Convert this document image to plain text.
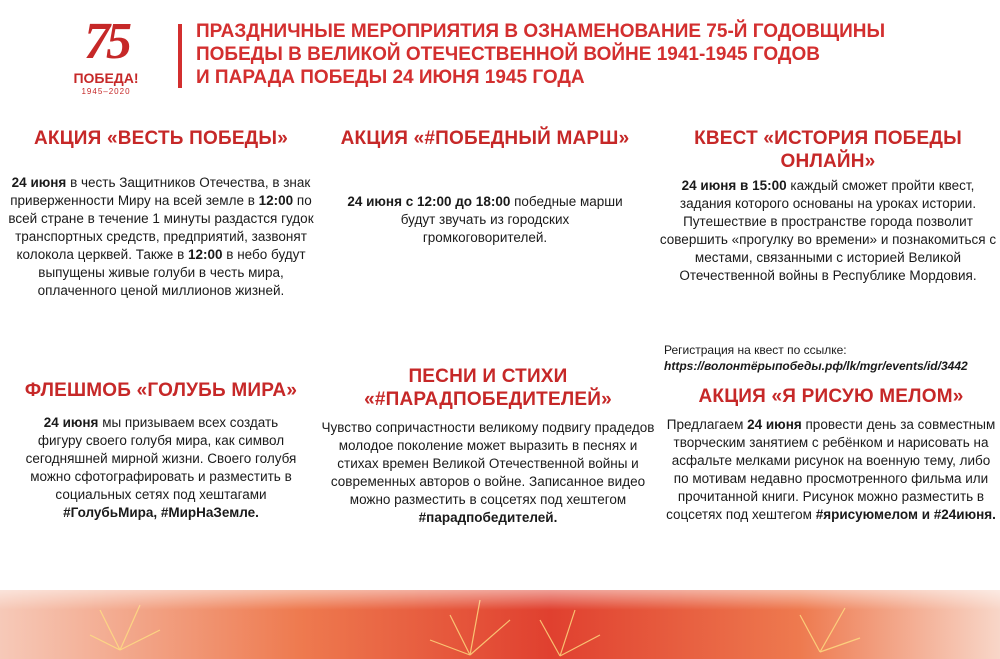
75
ПОБЕДА!
1945–2020
ПРАЗДНИЧНЫЕ МЕРОПРИЯТИЯ В ОЗНАМЕНОВАНИЕ 75-Й ГОДОВЩИНЫ
ПОБЕДЫ В ВЕЛИКОЙ ОТЕЧЕСТВЕННОЙ ВОЙНЕ 1941-1945 ГОДОВ
И ПАРАДА ПОБЕДЫ 24 ИЮНЯ 1945 ГОДА
АКЦИЯ «ВЕСТЬ ПОБЕДЫ»

24 июня в честь Защитников Отечества, в знак приверженности Миру на всей земле в 12:00 по всей стране в течение 1 минуты раздастся гудок транспортных средств, предприятий, зазвонят колокола церквей. Также в 12:00 в небо будут выпущены живые голуби в честь мира, оплаченного ценой миллионов жизней.

АКЦИЯ «#ПОБЕДНЫЙ МАРШ»

24 июня с 12:00 до 18:00 победные марши будут звучать из городских громкоговорителей.

КВЕСТ «ИСТОРИЯ ПОБЕДЫ
ОНЛАЙН»

24 июня в 15:00 каждый сможет пройти квест, задания которого основаны на уроках истории. Путешествие в пространстве города позволит совершить «прогулку во времени» и познакомиться с местами, связанными с историей Великой Отечественной войны в Республике Мордовия.

Регистрация на квест по ссылке:
https://волонтёрыпобеды.рф/lk/mgr/events/id/3442
ФЛЕШМОБ «ГОЛУБЬ МИРА»

24 июня мы призываем всех создать фигуру своего голубя мира, как символ сегодняшней мирной жизни. Своего голубя можно сфотографировать и разместить в социальных сетях под хештагами #ГолубьМира, #МирНаЗемле.

ПЕСНИ И СТИХИ
«#ПАРАДПОБЕДИТЕЛЕЙ»

Чувство сопричастности великому подвигу прадедов молодое поколение может выразить в песнях и стихах времен Великой Отечественной войны и современных авторов о войне. Записанное видео можно разместить в соцсетях под хештегом #парадпобедителей.

АКЦИЯ «Я РИСУЮ МЕЛОМ»

Предлагаем 24 июня провести день за совместным творческим занятием с ребёнком и нарисовать на асфальте мелками рисунок на военную тему, либо по мотивам недавно просмотренного фильма или прочитанной книги. Рисунок можно разместить в соцсетях под хештегом #ярисуюмелом и #24июня.
